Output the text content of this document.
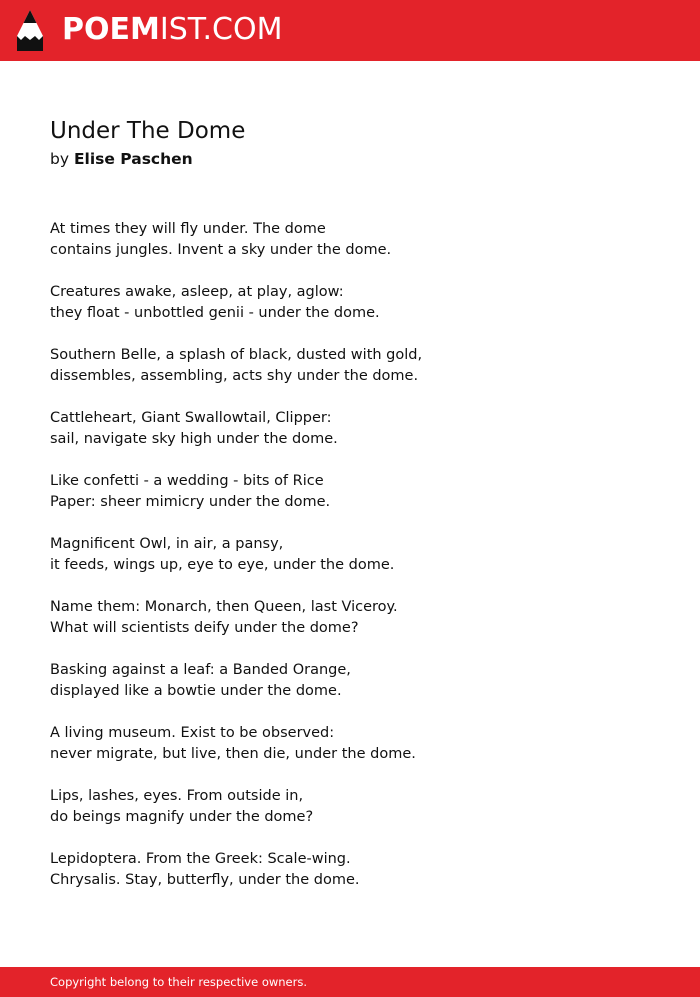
POEMIST.COM
Under The Dome
by Elise Paschen
At times they will fly under. The dome
contains jungles. Invent a sky under the dome.
Creatures awake, asleep, at play, aglow:
they float - unbottled genii - under the dome.
Southern Belle, a splash of black, dusted with gold,
dissembles, assembling, acts shy under the dome.
Cattleheart, Giant Swallowtail, Clipper:
sail, navigate sky high under the dome.
Like confetti - a wedding - bits of Rice
Paper: sheer mimicry under the dome.
Magnificent Owl, in air, a pansy,
it feeds, wings up, eye to eye, under the dome.
Name them: Monarch, then Queen, last Viceroy.
What will scientists deify under the dome?
Basking against a leaf: a Banded Orange,
displayed like a bowtie under the dome.
A living museum. Exist to be observed:
never migrate, but live, then die, under the dome.
Lips, lashes, eyes. From outside in,
do beings magnify under the dome?
Lepidoptera. From the Greek: Scale-wing.
Chrysalis. Stay, butterfly, under the dome.
Copyright belong to their respective owners.
